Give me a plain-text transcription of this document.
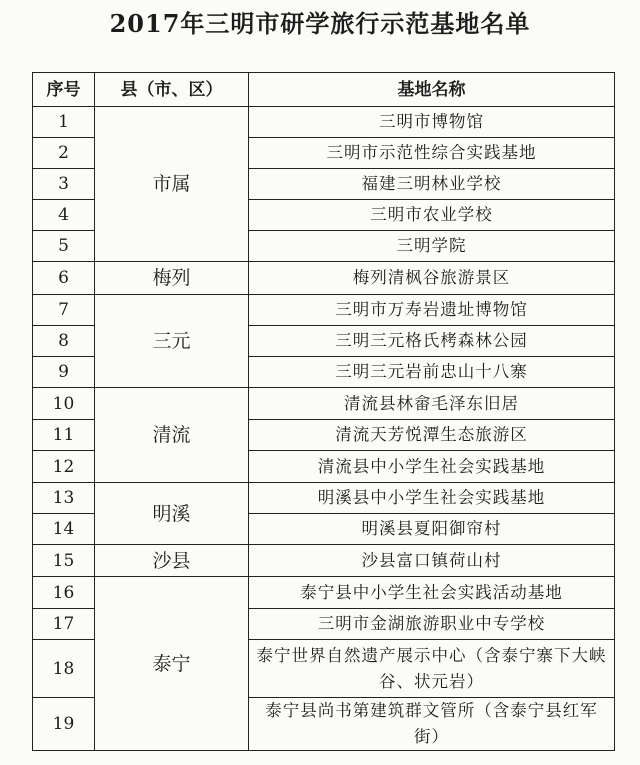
2017年三明市研学旅行示范基地名单
序号	县（市、区）	基地名称
1	市属	三明市博物馆
2		三明市示范性综合实践基地
3		福建三明林业学校
4		三明市农业学校
5		三明学院
6	梅列	梅列清枫谷旅游景区
7	三元	三明市万寿岩遗址博物馆
8		三明三元格氏栲森林公园
9		三明三元岩前忠山十八寨
10	清流	清流县林畲毛泽东旧居
11		清流天芳悦潭生态旅游区
12		清流县中小学生社会实践基地
13	明溪	明溪县中小学生社会实践基地
14		明溪县夏阳御帘村
15	沙县	沙县富口镇荷山村
16	泰宁	泰宁县中小学生社会实践活动基地
17		三明市金湖旅游职业中专学校
18		泰宁世界自然遗产展示中心（含泰宁寨下大峡谷、状元岩）
19		泰宁县尚书第建筑群文管所（含泰宁县红军街）
